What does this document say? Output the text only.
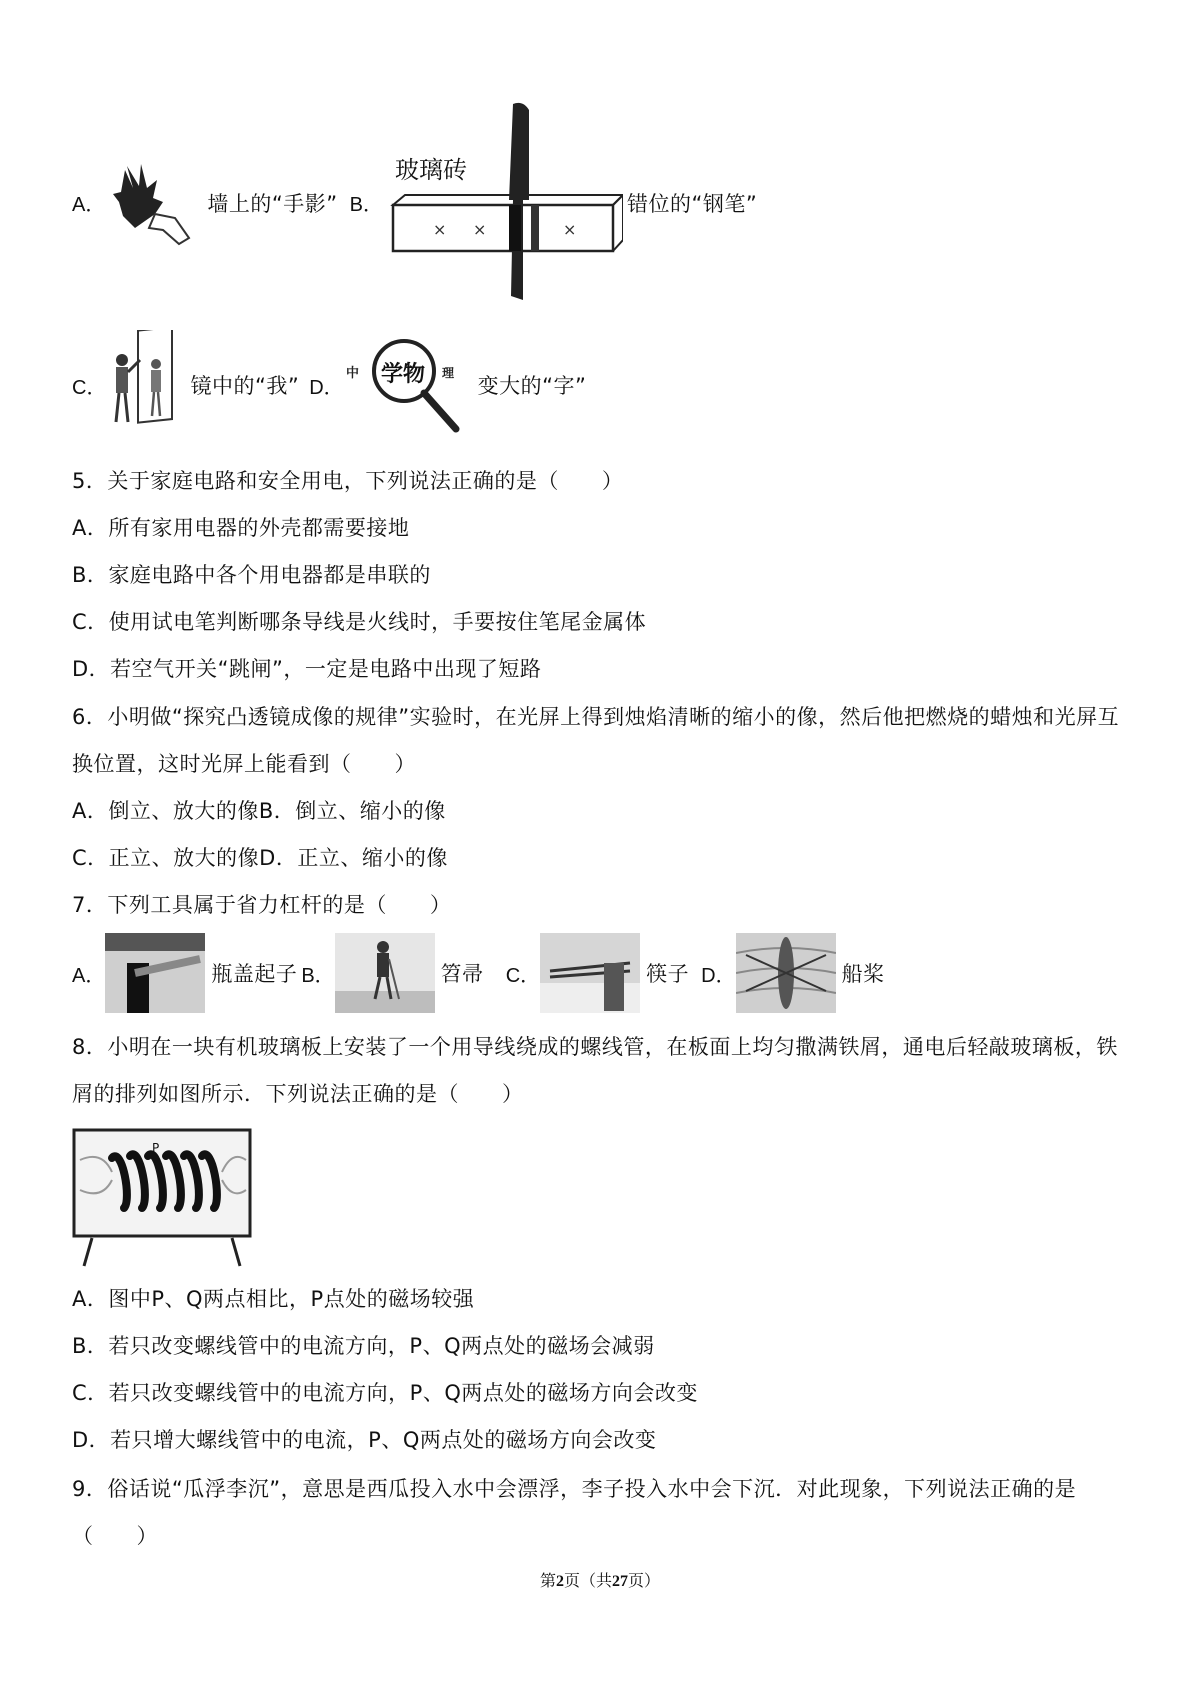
A．	墙上的“手影” B．
玻璃砖
× ×	×
错位的“钢笔”
C．	镜中的“我” D．
中 学物 理
变大的“字”
5．关于家庭电路和安全用电，下列说法正确的是（　　）
A．所有家用电器的外壳都需要接地
B．家庭电路中各个用电器都是串联的
C．使用试电笔判断哪条导线是火线时，手要按住笔尾金属体
D．若空气开关“跳闸”，一定是电路中出现了短路
6．小明做“探究凸透镜成像的规律”实验时，在光屏上得到烛焰清晰的缩小的像，然后他把燃烧的蜡烛和光屏互换位置，这时光屏上能看到（　　）
A．倒立、放大的像B．倒立、缩小的像
C．正立、放大的像D．正立、缩小的像
7．下列工具属于省力杠杆的是（　　）
A．	瓶盖起子 B．	笤帚 C．	筷子 D．	船桨
8．小明在一块有机玻璃板上安装了一个用导线绕成的螺线管，在板面上均匀撒满铁屑，通电后轻敲玻璃板，铁屑的排列如图所示．下列说法正确的是（　　）
P
A．图中P、Q两点相比，P点处的磁场较强
B．若只改变螺线管中的电流方向，P、Q两点处的磁场会减弱
C．若只改变螺线管中的电流方向，P、Q两点处的磁场方向会改变
D．若只增大螺线管中的电流，P、Q两点处的磁场方向会改变
9．俗话说“瓜浮李沉”，意思是西瓜投入水中会漂浮，李子投入水中会下沉．对此现象，下列说法正确的是（　　）
第2页（共27页）
